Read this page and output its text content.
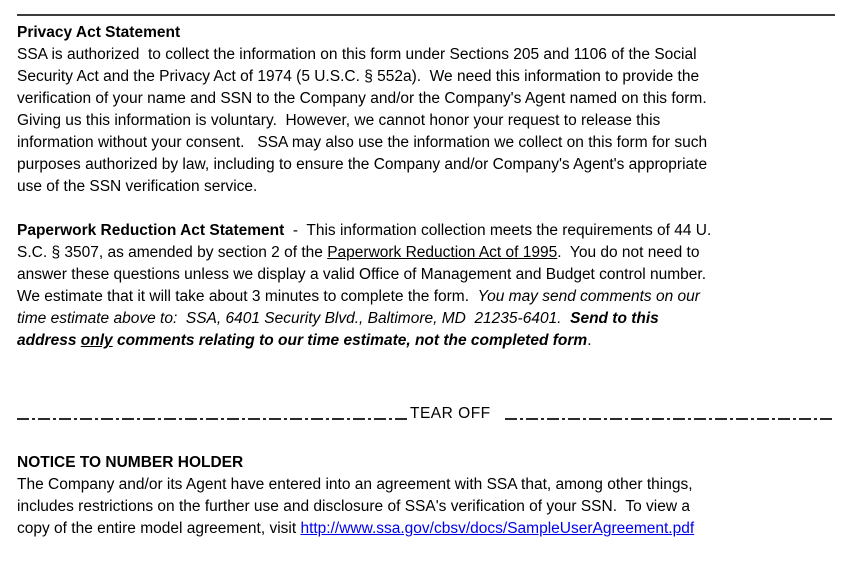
Privacy Act Statement
SSA is authorized  to collect the information on this form under Sections 205 and 1106 of the Social
Security Act and the Privacy Act of 1974 (5 U.S.C. § 552a).  We need this information to provide the
verification of your name and SSN to the Company and/or the Company's Agent named on this form.
Giving us this information is voluntary.  However, we cannot honor your request to release this
information without your consent.   SSA may also use the information we collect on this form for such
purposes authorized by law, including to ensure the Company and/or Company's Agent's appropriate
use of the SSN verification service.
Paperwork Reduction Act Statement  -  This information collection meets the requirements of 44 U.
S.C. § 3507, as amended by section 2 of the Paperwork Reduction Act of 1995.  You do not need to
answer these questions unless we display a valid Office of Management and Budget control number.
We estimate that it will take about 3 minutes to complete the form.  You may send comments on our
time estimate above to:  SSA, 6401 Security Blvd., Baltimore, MD  21235-6401.  Send to this
address only comments relating to our time estimate, not the completed form.
TEAR OFF
NOTICE TO NUMBER HOLDER
The Company and/or its Agent have entered into an agreement with SSA that, among other things,
includes restrictions on the further use and disclosure of SSA's verification of your SSN.  To view a
copy of the entire model agreement, visit http://www.ssa.gov/cbsv/docs/SampleUserAgreement.pdf
